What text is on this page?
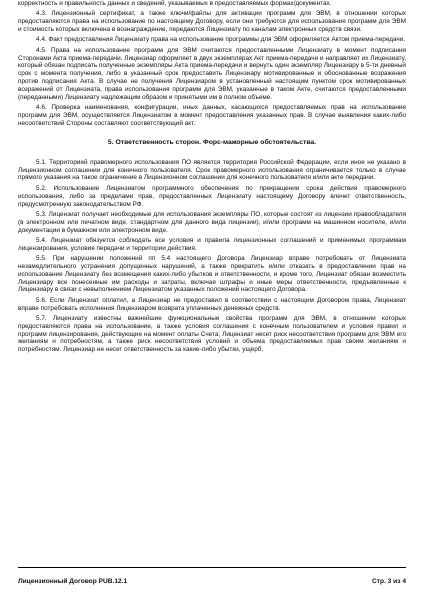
корректность и правильность данных и сведений, указываемых в предоставляемых формах/документах.

4.3. Лицензионный сертификат, а также ключи/файлы для активации программ для ЭВМ, в отношении которых предоставляются права на использование по настоящему Договору, если они требуются для использования программ для ЭВМ и стоимость которых включена в вознаграждение, передаются Лицензиату по каналам электронных средств связи.

4.4. Факт предоставления Лицензиату права на использование программы для ЭВМ оформляется Актом приема-передачи.

4.5. Права на использование программ для ЭВМ считаются предоставленными Лицензиату в момент подписания Сторонами Акта приема-передачи. Лицензиар оформляет в двух экземплярах Акт приема-передачи и направляет их Лицензиату, который обязан подписать полученные экземпляры Акта приема-передачи и вернуть один экземпляр Лицензиару в 5-ти дневный срок с момента получения, либо в указанный срок предоставить Лицензиару мотивированные и обоснованные возражения против подписания Акта. В случае не получения Лицензиаром в установленный настоящим пунктом срок мотивированных возражений от Лицензиата, права использования программ для ЭВМ, указанные в таком Акте, считаются предоставленными (переданными) Лицензиату надлежащим образом и принятыми им в полном объеме.

4.6. Проверка наименования, конфигурации, иных данных, касающихся предоставляемых прав на использование программ для ЭВМ, осуществляется Лицензиатом в момент предоставления указанных прав. В случае выявления каких-либо несоответствий Стороны составляют соответствующий акт.

5. Ответственность сторон. Форс-мажорные обстоятельства.

5.1. Территорией правомерного использования ПО является территория Российской Федерации, если иное не указано в Лицензионном соглашении для конечного пользователя. Срок правомерного использования ограничивается только в случае прямого указания на такое ограничение в Лицензионном соглашении для конечного пользователя и/или акте передачи.

5.2. Использование Лицензиатом программного обеспечения по прекращении срока действия правомерного использования, либо за пределами прав, предоставленных Лицензиату настоящему Договору влечет ответственность, предусмотренную законодательством РФ.

5.3. Лицензиат получает необходимые для использования экземпляры ПО, которые состоят из лицензии правообладателя (в электронном или печатном виде, стандартном для данного вида лицензии), и/или программ на машинном носителе, и/или документации в бумажном или электронном виде.

5.4. Лицензиат обязуется соблюдать все условия и правила лицензионных соглашений и применимых программам лицензирования, условия передачи и территории действия.

5.5. При нарушении положений пп 5.4 настоящего Договора Лицензиар вправе потребовать от Лицензиата незамедлительного устранения допущенных нарушений, а также прекратить и/или отказать в предоставлении прав на использование Лицензиату без возмещения каких-либо убытков и ответственности, и кроме того, Лицензиат обязан возместить Лицензиару все понесенные им расходы и затраты, включая штрафы и иные меры ответственности, предъявленные к Лицензиару в связи с невыполнением Лицензиатом указанных положений настоящего Договора.

5.6. Если Лицензиат оплатил, а Лицензиар не предоставил в соответствии с настоящим Договором права, Лицензиат вправе потребовать исполнения Лицензиаром возврата уплаченных денежных средств.

5.7. Лицензиату известны важнейшие функциональные свойства программ для ЭВМ, в отношении которых предоставляются права на использование, а также условия соглашения с конечным пользователем и условия правил и программ лицензирования, действующие на момент оплаты Счета; Лицензиат несет риск несоответствия программ для ЭВМ его желаниям и потребностям, а также риск несоответствия условий и объема предоставляемых прав своим желаниям и потребностям. Лицензиар не несет ответственность за какие-либо убытки, ущерб,

Лицензионный Договор PUB.12.1	Стр. 3 из 4
